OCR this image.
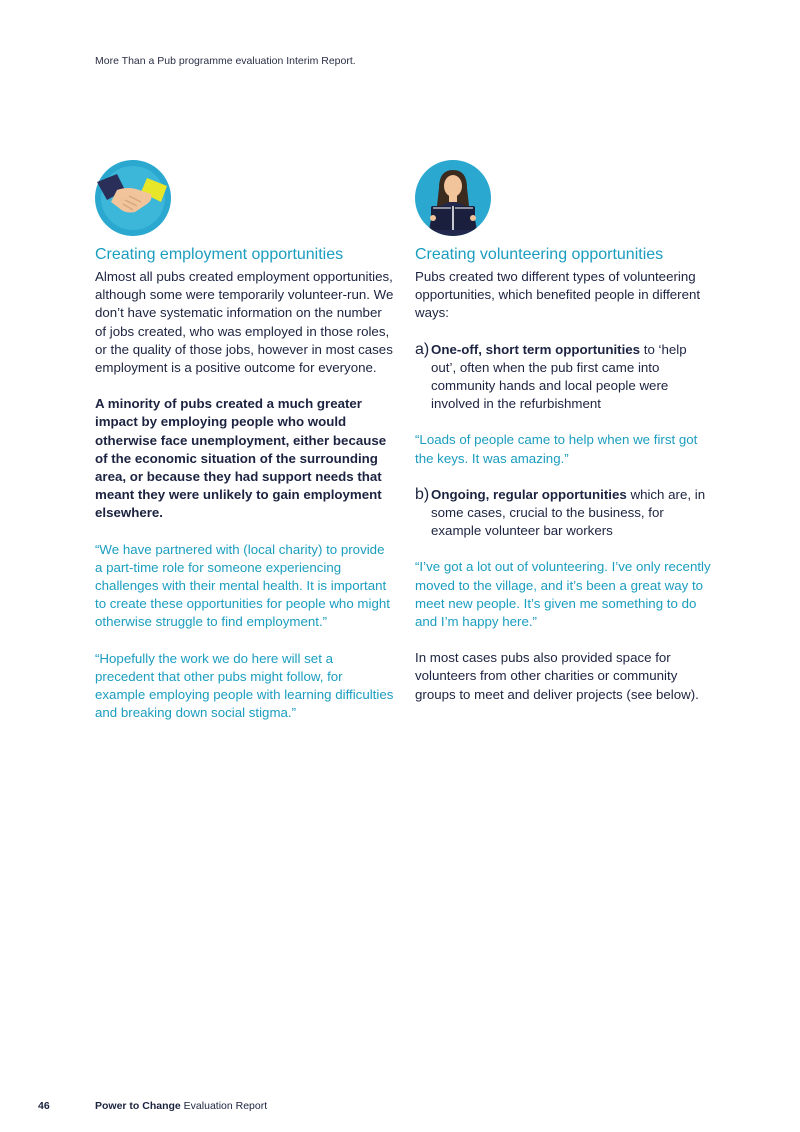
More Than a Pub programme evaluation Interim Report.
Creating employment opportunities

Almost all pubs created employment opportunities, although some were temporarily volunteer-run. We don’t have systematic information on the number of jobs created, who was employed in those roles, or the quality of those jobs, however in most cases employment is a positive outcome for everyone.

A minority of pubs created a much greater impact by employing people who would otherwise face unemployment, either because of the economic situation of the surrounding area, or because they had support needs that meant they were unlikely to gain employment elsewhere.

“We have partnered with (local charity) to provide a part-time role for someone experiencing challenges with their mental health. It is important to create these opportunities for people who might otherwise struggle to find employment.”

“Hopefully the work we do here will set a precedent that other pubs might follow, for example employing people with learning difficulties and breaking down social stigma.”

Creating volunteering opportunities

Pubs created two different types of volunteering opportunities, which benefited people in different ways:

a) One-off, short term opportunities to ‘help out’, often when the pub first came into community hands and local people were involved in the refurbishment

“Loads of people came to help when we first got the keys. It was amazing.”

b) Ongoing, regular opportunities which are, in some cases, crucial to the business, for example volunteer bar workers

“I’ve got a lot out of volunteering. I’ve only recently moved to the village, and it’s been a great way to meet new people. It’s given me something to do and I’m happy here.”

In most cases pubs also provided space for volunteers from other charities or community groups to meet and deliver projects (see below).

46	Power to Change Evaluation Report
